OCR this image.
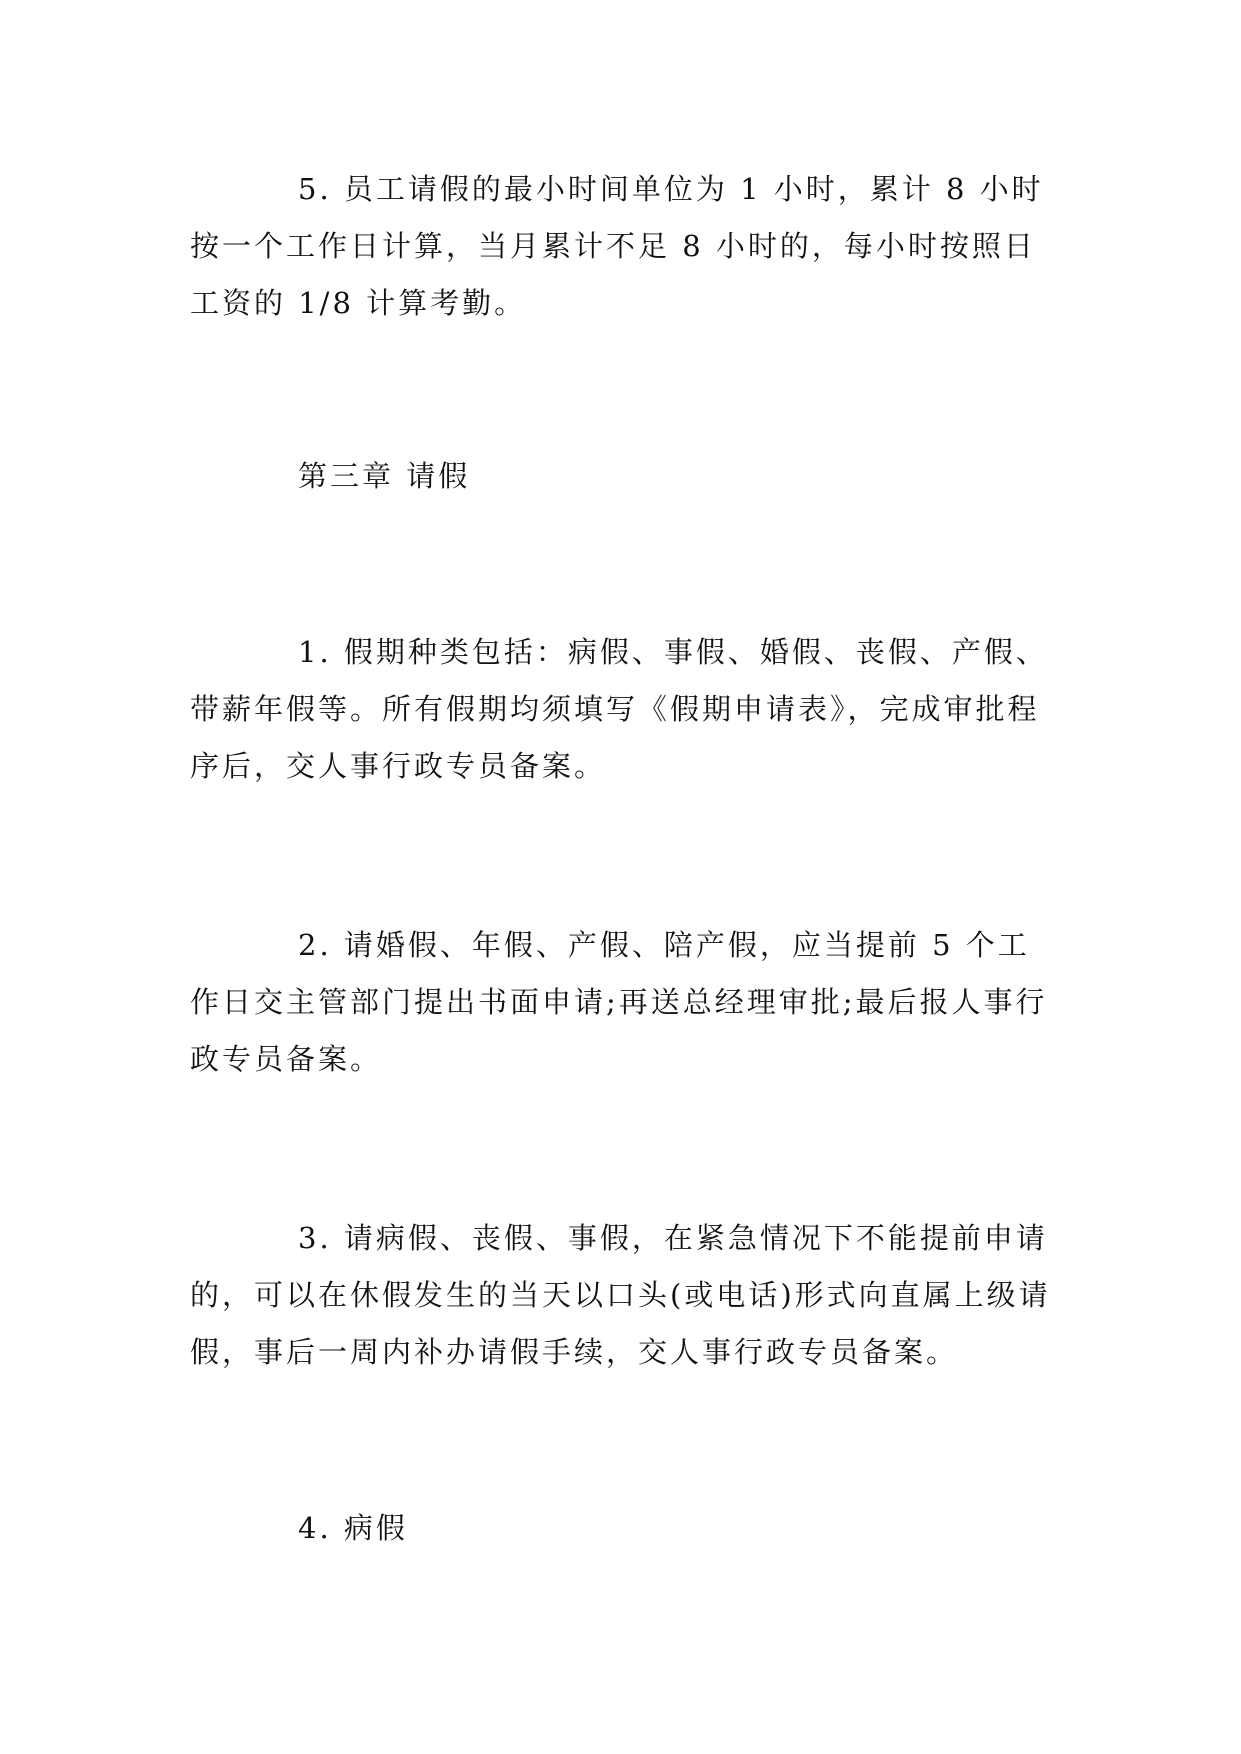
5. 员工请假的最小时间单位为 1 小时，累计 8 小时按一个工作日计算，当月累计不足 8 小时的，每小时按照日工资的 1/8 计算考勤。

第三章 请假

1. 假期种类包括：病假、事假、婚假、丧假、产假、带薪年假等。所有假期均须填写《假期申请表》，完成审批程序后，交人事行政专员备案。

2. 请婚假、年假、产假、陪产假，应当提前 5 个工作日交主管部门提出书面申请;再送总经理审批;最后报人事行政专员备案。

3. 请病假、丧假、事假，在紧急情况下不能提前申请的，可以在休假发生的当天以口头(或电话)形式向直属上级请假，事后一周内补办请假手续，交人事行政专员备案。

4. 病假
